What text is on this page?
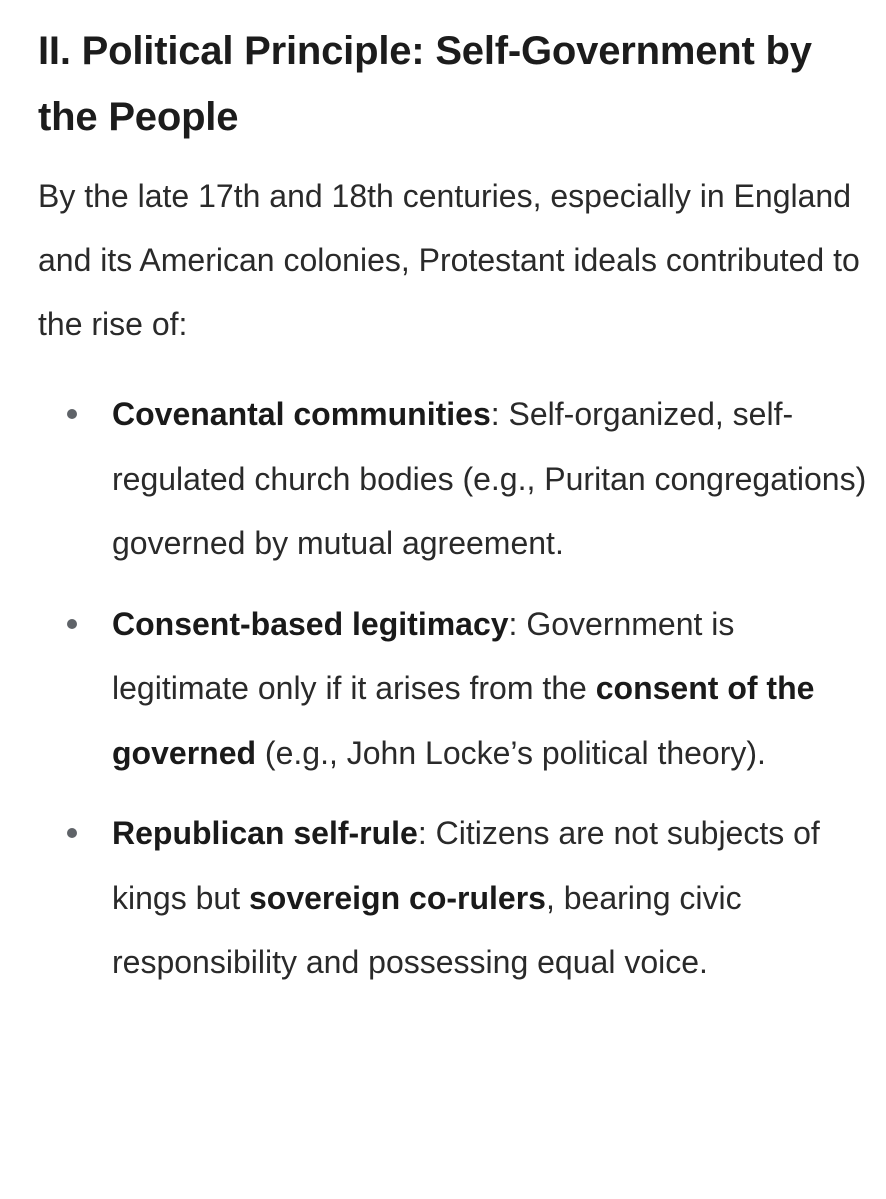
II. Political Principle: Self-Government by the People

By the late 17th and 18th centuries, especially in England and its American colonies, Protestant ideals contributed to the rise of:

Covenantal communities: Self-organized, self-regulated church bodies (e.g., Puritan congregations) governed by mutual agreement.
Consent-based legitimacy: Government is legitimate only if it arises from the consent of the governed (e.g., John Locke’s political theory).
Republican self-rule: Citizens are not subjects of kings but sovereign co-rulers, bearing civic responsibility and possessing equal voice.
